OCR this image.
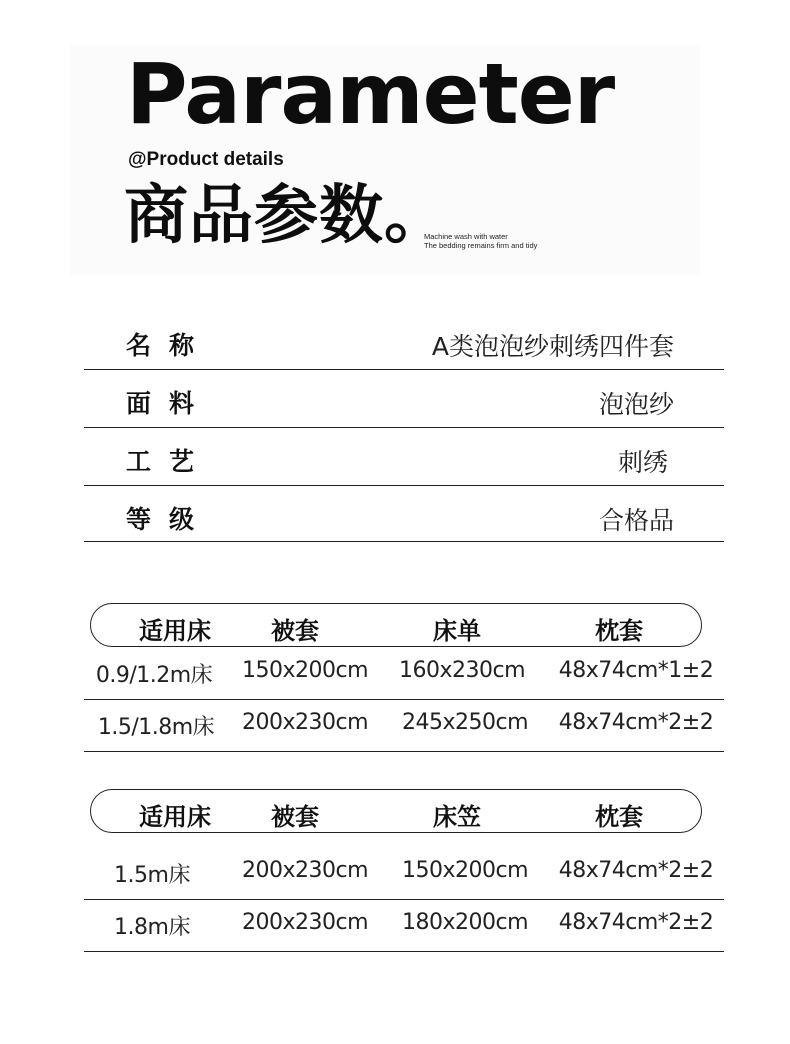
Parameter
@Product details
商品参数。
Machine wash with water
The bedding remains firm and tidy
名称	A类泡泡纱刺绣四件套
面料	泡泡纱
工艺	刺绣
等级	合格品
适用床	被套	床单	枕套
0.9/1.2m床 150x200cm 160x230cm 48x74cm*1±2
1.5/1.8m床 200x230cm 245x250cm 48x74cm*2±2
适用床	被套	床笠	枕套
1.5m床 200x230cm 150x200cm 48x74cm*2±2
1.8m床 200x230cm 180x200cm 48x74cm*2±2
